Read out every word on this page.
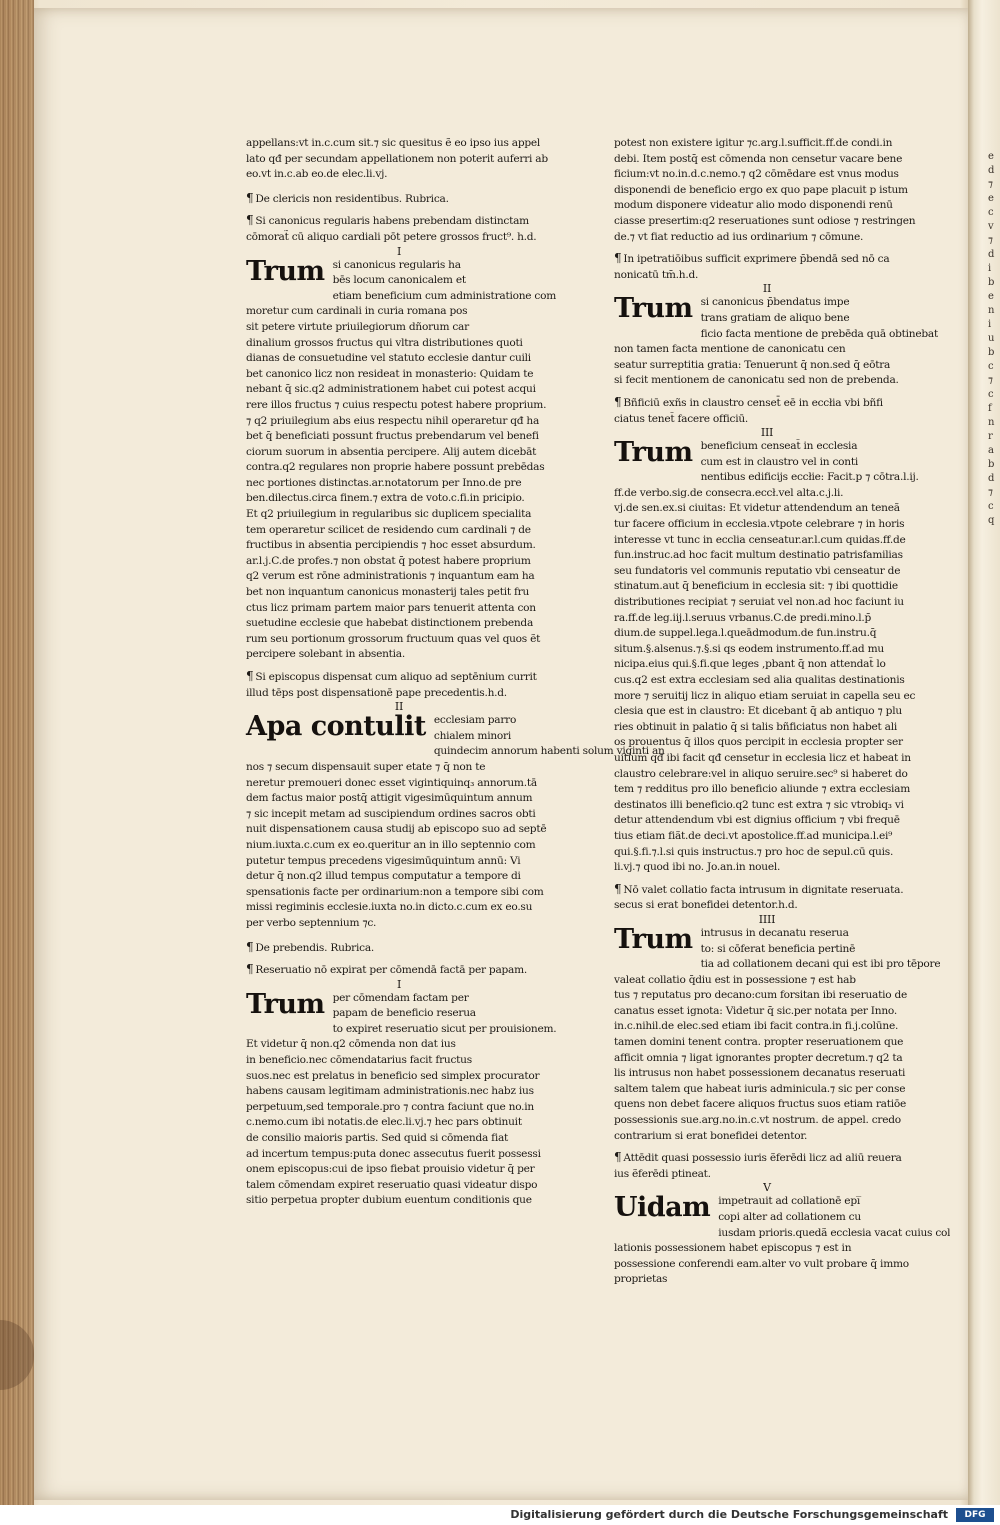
e
d
⁊
e
c
v
⁊
d
i
b
e
n
i
u
b
c
⁊
c
f
n
r
a
b
d
⁊
c
q
appellans:vt in.c.cum sit.⁊ sic quesitus ẽ eo ipso ius appel
lato qđ per secundam appellationem non poterit auferri ab
eo.vt in.c.ab eo.de elec.li.vj.
¶ De clericis non residentibus. Rubrica.
¶ Si canonicus regularis habens prebendam distinctam
cōmorat̃ cū aliquo cardiali pōt petere grossos fruct⁹. h.d.
I
Trum si canonicus regularis ha
bēs locum canonicalem et
etiam beneficium cum administratione com
moretur cum cardinali in curia romana pos
sit petere virtute priuilegiorum dñorum car
dinalium grossos fructus qui vltra distributiones quoti
dianas de consuetudine vel statuto ecclesie dantur cuili
bet canonico licz non resideat in monasterio: Quidam te
nebant q̄ sic.q2 administrationem habet cui potest acqui
rere illos fructus ⁊ cuius respectu potest habere proprium.
⁊ q2 priuilegium abs eius respectu nihil operaretur qđ ha
bet q̄ beneficiati possunt fructus prebendarum vel benefi
ciorum suorum in absentia percipere. Alij autem dicebāt
contra.q2 regulares non proprie habere possunt prebēdas
nec portiones distinctas.ar.notatorum per Inno.de pre
ben.dilectus.circa finem.⁊ extra de voto.c.fi.in pricipio.
Et q2 priuilegium in regularibus sic duplicem specialita
tem operaretur scilicet de residendo cum cardinali ⁊ de
fructibus in absentia percipiendis ⁊ hoc esset absurdum.
ar.l.j.C.de profes.⁊ non obstat q̄ potest habere proprium
q2 verum est rōne administrationis ⁊ inquantum eam ha
bet non inquantum canonicus monasterij tales petit fru
ctus licz primam partem maior pars tenuerit attenta con
suetudine ecclesie que habebat distinctionem prebenda
rum seu portionum grossorum fructuum quas vel quos ẽt
percipere solebant in absentia.
¶ Si episcopus dispensat cum aliquo ad septēnium currit
illud tēps post dispensationē pape precedentis.h.d.
II
Apa contulit ecclesiam parro
chialem minori
quindecim annorum habenti solum viginti an
nos ⁊ secum dispensauit super etate ⁊ q̄ non te
neretur premoueri donec esset vigintiquinq₃ annorum.tā
dem factus maior postq̄ attigit vigesimūquintum annum
⁊ sic incepit metam ad suscipiendum ordines sacros obti
nuit dispensationem causa studij ab episcopo suo ad septē
nium.iuxta.c.cum ex eo.queritur an in illo septennio com
putetur tempus precedens vigesimūquintum annū: Vi
detur q̄ non.q2 illud tempus computatur a tempore di
spensationis facte per ordinarium:non a tempore sibi com
missi regiminis ecclesie.iuxta no.in dicto.c.cum ex eo.su
per verbo septennium ⁊c.
¶ De prebendis. Rubrica.
¶ Reseruatio nō expirat per cōmendā factā per papam.
I
Trum per cōmendam factam per
papam de beneficio reserua
to expiret reseruatio sicut per prouisionem.
Et videtur q̄ non.q2 cōmenda non dat ius
in beneficio.nec cōmendatarius facit fructus
suos.nec est prelatus in beneficio sed simplex procurator
habens causam legitimam administrationis.nec habz ius
perpetuum,sed temporale.pro ⁊ contra faciunt que no.in
c.nemo.cum ibi notatis.de elec.li.vj.⁊ hec pars obtinuit
de consilio maioris partis. Sed quid si cōmenda fiat
ad incertum tempus:puta donec assecutus fuerit possessi
onem episcopus:cui de ipso fiebat prouisio videtur q̄ per
talem cōmendam expiret reseruatio quasi videatur dispo
sitio perpetua propter dubium euentum conditionis que
potest non existere igitur ⁊c.arg.l.sufficit.ff.de condi.in
debi. Item postq̄ est cōmenda non censetur vacare bene
ficium:vt no.in.d.c.nemo.⁊ q2 cōmēdare est vnus modus
disponendi de beneficio ergo ex quo pape placuit p istum
modum disponere videatur alio modo disponendi renū
ciasse presertim:q2 reseruationes sunt odiose ⁊ restringen
de.⁊ vt fiat reductio ad ius ordinarium ⁊ cōmune.
¶ In ipetratiōibus sufficit exprimere p̄bendā sed nō ca
nonicatū tm̄.h.d.
II
Trum si canonicus p̄bendatus impe
trans gratiam de aliquo bene
ficio facta mentione de prebēda quā obtinebat
non tamen facta mentione de canonicatu cen
seatur surreptitia gratia: Tenuerunt q̄ non.sed q̄ eōtra
si fecit mentionem de canonicatu sed non de prebenda.
¶ Bñficiū exñs in claustro censet̄ eē in eccłia vbi bñfi
ciatus tenet̄ facere officiū.
III
Trum beneficium censeat̄ in ecclesia
cum est in claustro vel in conti
nentibus edificijs eccłie: Facit.p ⁊ cōtra.l.ij.
ff.de verbo.sig.de consecra.eccł.vel alta.c.j.li.
vj.de sen.ex.si ciuitas: Et videtur attendendum an teneã
tur facere officium in ecclesia.vtpote celebrare ⁊ in horis
interesse vt tunc in ecclia censeatur.ar.l.cum quidas.ff.de
fun.instruc.ad hoc facit multum destinatio patrisfamilias
seu fundatoris vel communis reputatio vbi censeatur de
stinatum.aut q̄ beneficium in ecclesia sit: ⁊ ibi quottidie
distributiones recipiat ⁊ seruiat vel non.ad hoc faciunt iu
ra.ff.de leg.iij.l.seruus vrbanus.C.de predi.mino.l.p̄
dium.de suppel.lega.l.queādmodum.de fun.instru.q̄
situm.§.alsenus.⁊.§.si qs eodem instrumento.ff.ad mu
nicipa.eius qui.§.fi.que leges ,pbant q̄ non attendat̄ lo
cus.q2 est extra ecclesiam sed alia qualitas destinationis
more ⁊ seruitij licz in aliquo etiam seruiat in capella seu ec
clesia que est in claustro: Et dicebant q̄ ab antiquo ⁊ plu
ries obtinuit in palatio q̄ si talis bñficiatus non habet ali
os prouentus q̄ illos quos percipit in ecclesia propter ser
uitium qđ ibi facit qđ censetur in ecclesia licz et habeat in
claustro celebrare:vel in aliquo seruire.sec⁹ si haberet do
tem ⁊ redditus pro illo beneficio aliunde ⁊ extra ecclesiam
destinatos illi beneficio.q2 tunc est extra ⁊ sic vtrobiq₃ vi
detur attendendum vbi est dignius officium ⁊ vbi frequē
tius etiam fiãt.de deci.vt apostolice.ff.ad municipa.l.ei⁹
qui.§.fi.⁊.l.si quis instructus.⁊ pro hoc de sepul.cū quis.
li.vj.⁊ quod ibi no. Jo.an.in nouel.
¶ Nō valet collatio facta intrusum in dignitate reseruata.
secus si erat bonefidei detentor.h.d.
IIII
Trum intrusus in decanatu reserua
to: si cōferat beneficia pertinē
tia ad collationem decani qui est ibi pro tēpore
valeat collatio q̄diu est in possessione ⁊ est hab
tus ⁊ reputatus pro decano:cum forsitan ibi reseruatio de
canatus esset ignota: Videtur q̄ sic.per notata per Inno.
in.c.nihil.de elec.sed etiam ibi facit contra.in fi.j.colūne.
tamen domini tenent contra. propter reseruationem que
afficit omnia ⁊ ligat ignorantes propter decretum.⁊ q2 ta
lis intrusus non habet possessionem decanatus reseruati
saltem talem que habeat iuris adminicula.⁊ sic per conse
quens non debet facere aliquos fructus suos etiam ratiōe
possessionis sue.arg.no.in.c.vt nostrum. de appel. credo
contrarium si erat bonefidei detentor.
¶ Attēdit quasi possessio iuris ẽferēdi licz ad aliū reuera
ius ẽferēdi ptineat.
V
Uidam impetrauit ad collationē epi̅
copi alter ad collationem cu
iusdam prioris.quedã ecclesia vacat cuius col
lationis possessionem habet episcopus ⁊ est in
possessione conferendi eam.alter vo vult probare q̄ immo
proprietas
Digitalisierung gefördert durch die Deutsche Forschungsgemeinschaft	DFG
